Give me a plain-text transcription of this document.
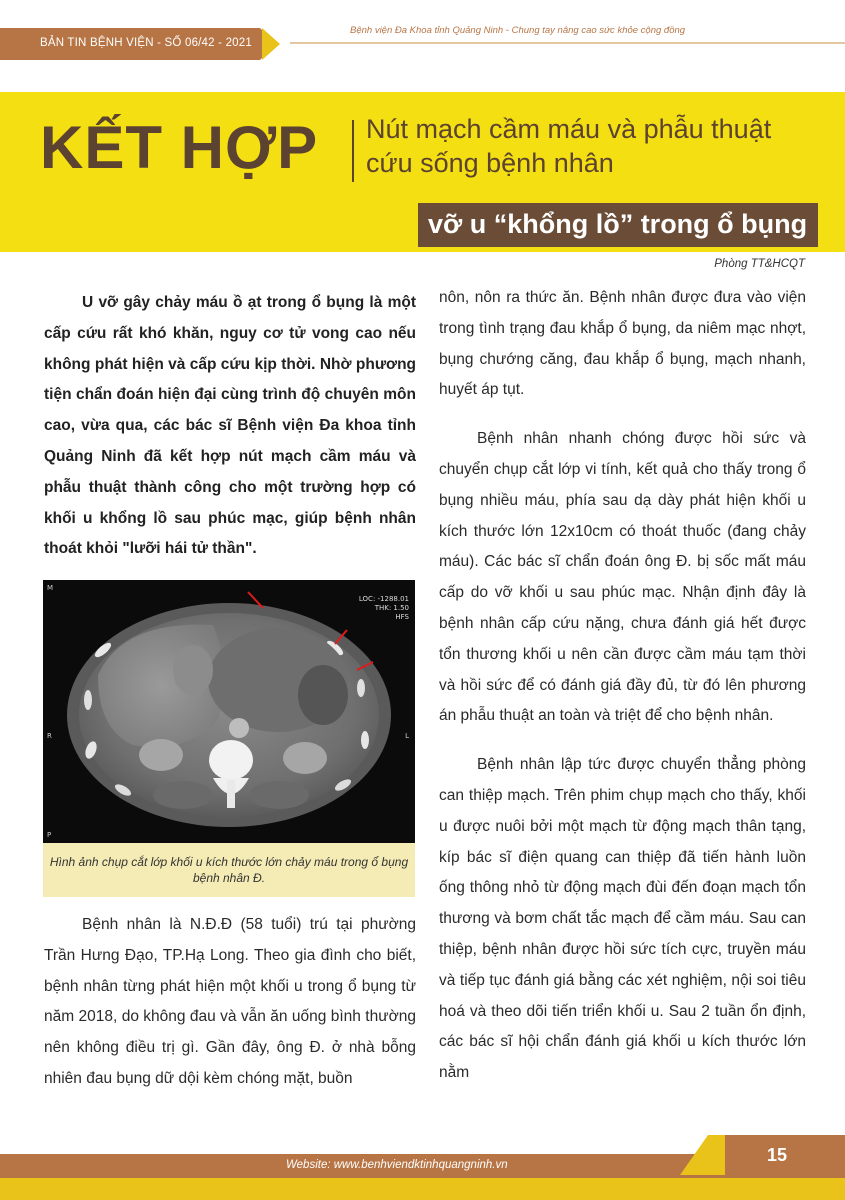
BẢN TIN BỆNH VIỆN - SỐ 06/42 - 2021
Bệnh viện Đa Khoa tỉnh Quảng Ninh - Chung tay nâng cao sức khỏe cộng đồng
KẾT HỢP Nút mạch cầm máu và phẫu thuật
cứu sống bệnh nhân
vỡ u “khổng lồ” trong ổ bụng
Phòng TT&HCQT

U vỡ gây chảy máu ồ ạt trong ổ bụng là một cấp cứu rất khó khăn, nguy cơ tử vong cao nếu không phát hiện và cấp cứu kịp thời. Nhờ phương tiện chẩn đoán hiện đại cùng trình độ chuyên môn cao, vừa qua, các bác sĩ Bệnh viện Đa khoa tỉnh Quảng Ninh đã kết hợp nút mạch cầm máu và phẫu thuật thành công cho một trường hợp có khối u khổng lồ sau phúc mạc, giúp bệnh nhân thoát khỏi "lưỡi hái tử thần".

M
LOC: -1288.01
THK: 1.50
HFS
R	L
P

Hình ảnh chụp cắt lớp khối u kích thước lớn chảy máu trong ổ bụng bệnh nhân Đ.

Bệnh nhân là N.Đ.Đ (58 tuổi) trú tại phường Trần Hưng Đạo, TP.Hạ Long. Theo gia đình cho biết, bệnh nhân từng phát hiện một khối u trong ổ bụng từ năm 2018, do không đau và vẫn ăn uống bình thường nên không điều trị gì. Gần đây, ông Đ. ở nhà bỗng nhiên đau bụng dữ dội kèm chóng mặt, buồn

nôn, nôn ra thức ăn. Bệnh nhân được đưa vào viện trong tình trạng đau khắp ổ bụng, da niêm mạc nhợt, bụng chướng căng, đau khắp ổ bụng, mạch nhanh, huyết áp tụt.

Bệnh nhân nhanh chóng được hồi sức và chuyển chụp cắt lớp vi tính, kết quả cho thấy trong ổ bụng nhiều máu, phía sau dạ dày phát hiện khối u kích thước lớn 12x10cm có thoát thuốc (đang chảy máu). Các bác sĩ chẩn đoán ông Đ. bị sốc mất máu cấp do vỡ khối u sau phúc mạc. Nhận định đây là bệnh nhân cấp cứu nặng, chưa đánh giá hết được tổn thương khối u nên cần được cầm máu tạm thời và hồi sức để có đánh giá đầy đủ, từ đó lên phương án phẫu thuật an toàn và triệt để cho bệnh nhân.

Bệnh nhân lập tức được chuyển thẳng phòng can thiệp mạch. Trên phim chụp mạch cho thấy, khối u được nuôi bởi một mạch từ động mạch thân tạng, kíp bác sĩ điện quang can thiệp đã tiến hành luồn ống thông nhỏ từ động mạch đùi đến đoạn mạch tổn thương và bơm chất tắc mạch để cầm máu. Sau can thiệp, bệnh nhân được hồi sức tích cực, truyền máu và tiếp tục đánh giá bằng các xét nghiệm, nội soi tiêu hoá và theo dõi tiến triển khối u. Sau 2 tuần ổn định, các bác sĩ hội chẩn đánh giá khối u kích thước lớn nằm

Website: www.benhviendktinhquangninh.vn	15
